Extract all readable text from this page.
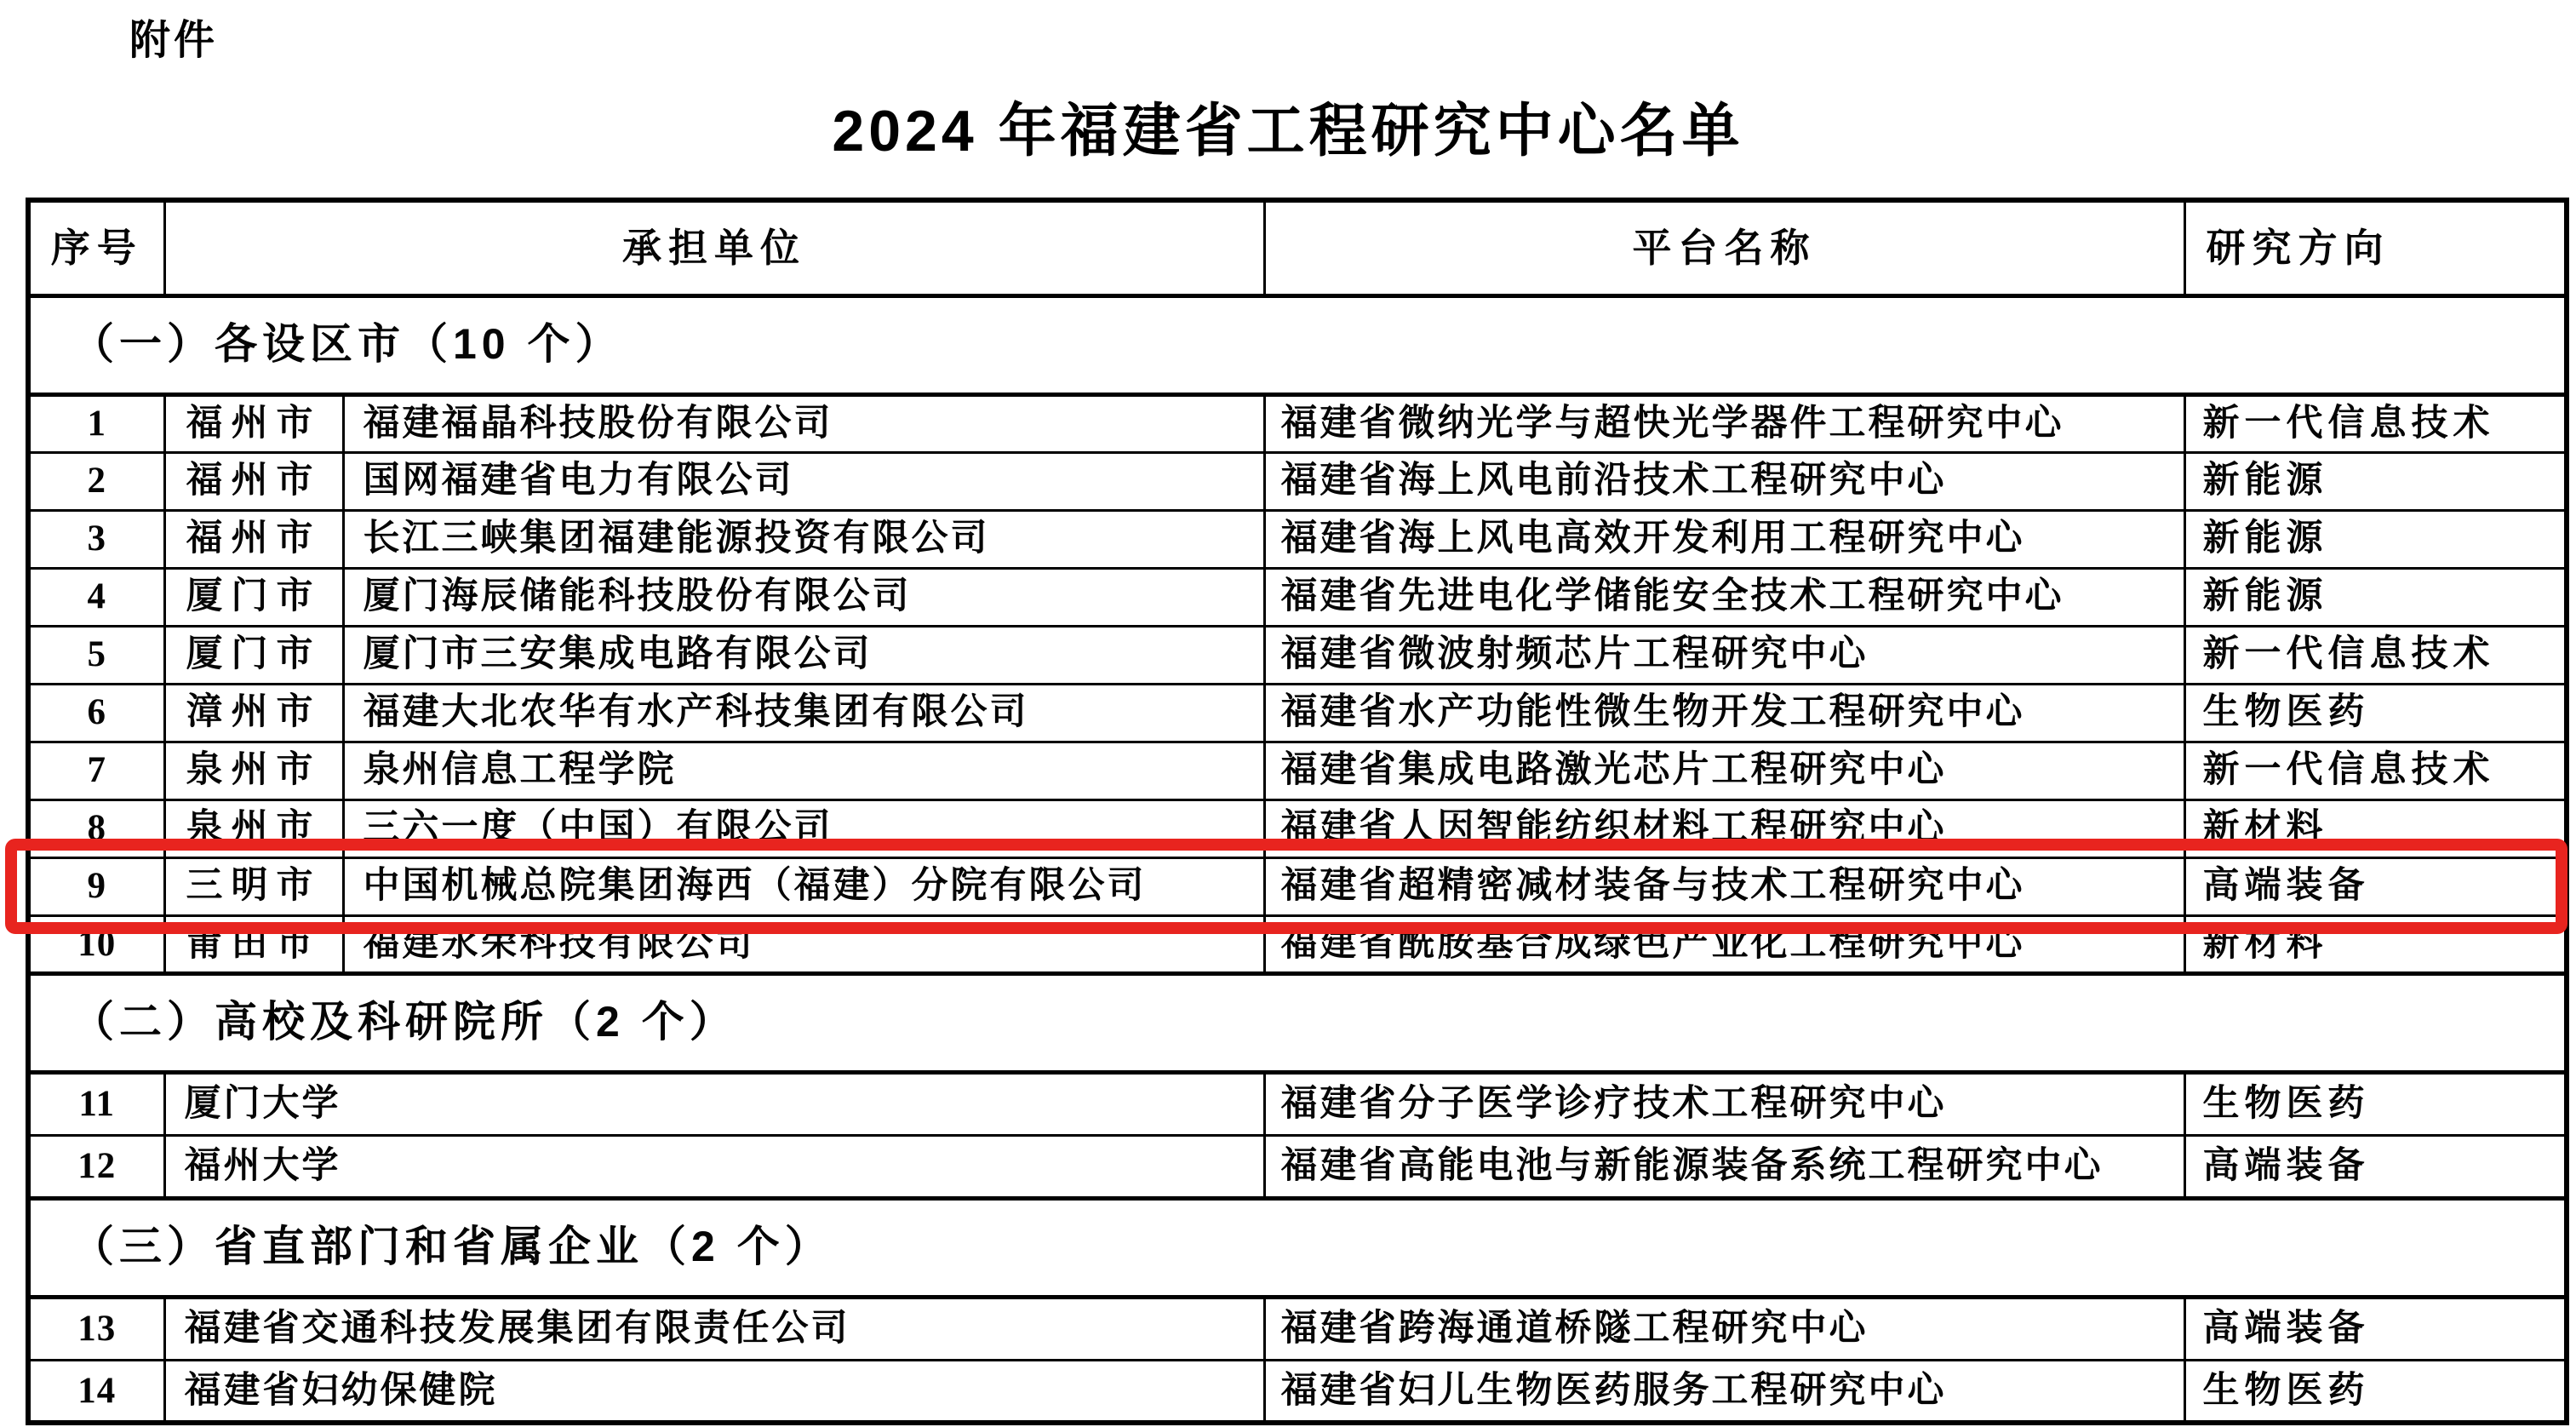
附件
2024 年福建省工程研究中心名单
序号	承担单位		平台名称	研究方向
（一）各设区市（10 个）				
1	福州市	福建福晶科技股份有限公司	福建省微纳光学与超快光学器件工程研究中心	新一代信息技术
2	福州市	国网福建省电力有限公司	福建省海上风电前沿技术工程研究中心	新能源
3	福州市	长江三峡集团福建能源投资有限公司	福建省海上风电高效开发利用工程研究中心	新能源
4	厦门市	厦门海辰储能科技股份有限公司	福建省先进电化学储能安全技术工程研究中心	新能源
5	厦门市	厦门市三安集成电路有限公司	福建省微波射频芯片工程研究中心	新一代信息技术
6	漳州市	福建大北农华有水产科技集团有限公司	福建省水产功能性微生物开发工程研究中心	生物医药
7	泉州市	泉州信息工程学院	福建省集成电路激光芯片工程研究中心	新一代信息技术
8	泉州市	三六一度（中国）有限公司	福建省人因智能纺织材料工程研究中心	新材料
9	三明市	中国机械总院集团海西（福建）分院有限公司	福建省超精密减材装备与技术工程研究中心	高端装备
10	莆田市	福建永荣科技有限公司	福建省酰胺基合成绿色产业化工程研究中心	新材料
（二）高校及科研院所（2 个）				
11	厦门大学		福建省分子医学诊疗技术工程研究中心	生物医药
12	福州大学		福建省高能电池与新能源装备系统工程研究中心	高端装备
（三）省直部门和省属企业（2 个）				
13	福建省交通科技发展集团有限责任公司		福建省跨海通道桥隧工程研究中心	高端装备
14	福建省妇幼保健院		福建省妇儿生物医药服务工程研究中心	生物医药
